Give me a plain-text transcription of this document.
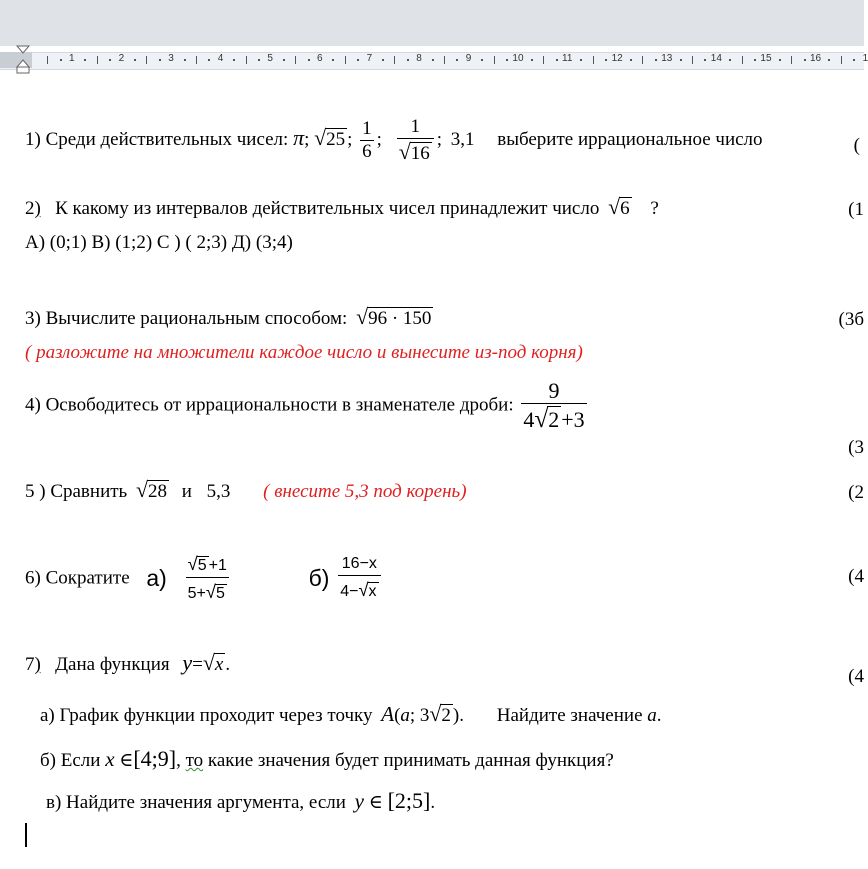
1	2	3	4	5	6	7	8	9	10	11	12	13	14	15	16	1
1) Среди действительных чисел: π; √25 ; $\frac{1}{6}$ ; $\frac{1}{√16}$ ; 3,1 выберите иррациональное число	(
2) К какому из интервалов действительных чисел принадлежит число √6 ?	(1
А) (0;1) В) (1;2) С ) ( 2;3) Д) (3;4)
3) Вычислите рациональным способом: √96 · 150	(3б
( разложите на множители каждое число и вынесите из-под корня)
4) Освободитесь от иррациональности в знаменателе дроби: $\frac{9}{4√2+3}$
(3
5 ) Сравнить √28 и 5,3 ( внесите 5,3 под корень)	(2
6) Сократите $а) \frac{√5 +1}{5+√5}$	$б) \frac{16-x}{4-√x}$	(4
7) Дана функция y=√x .
(4
а) График функции проходит через точку A(a; 3√2 ). Найдите значение a.
б) Если x ∈[4;9], то какие значения будет принимать данная функция?
в) Найдите значения аргумента, если y ∈ [2;5].
